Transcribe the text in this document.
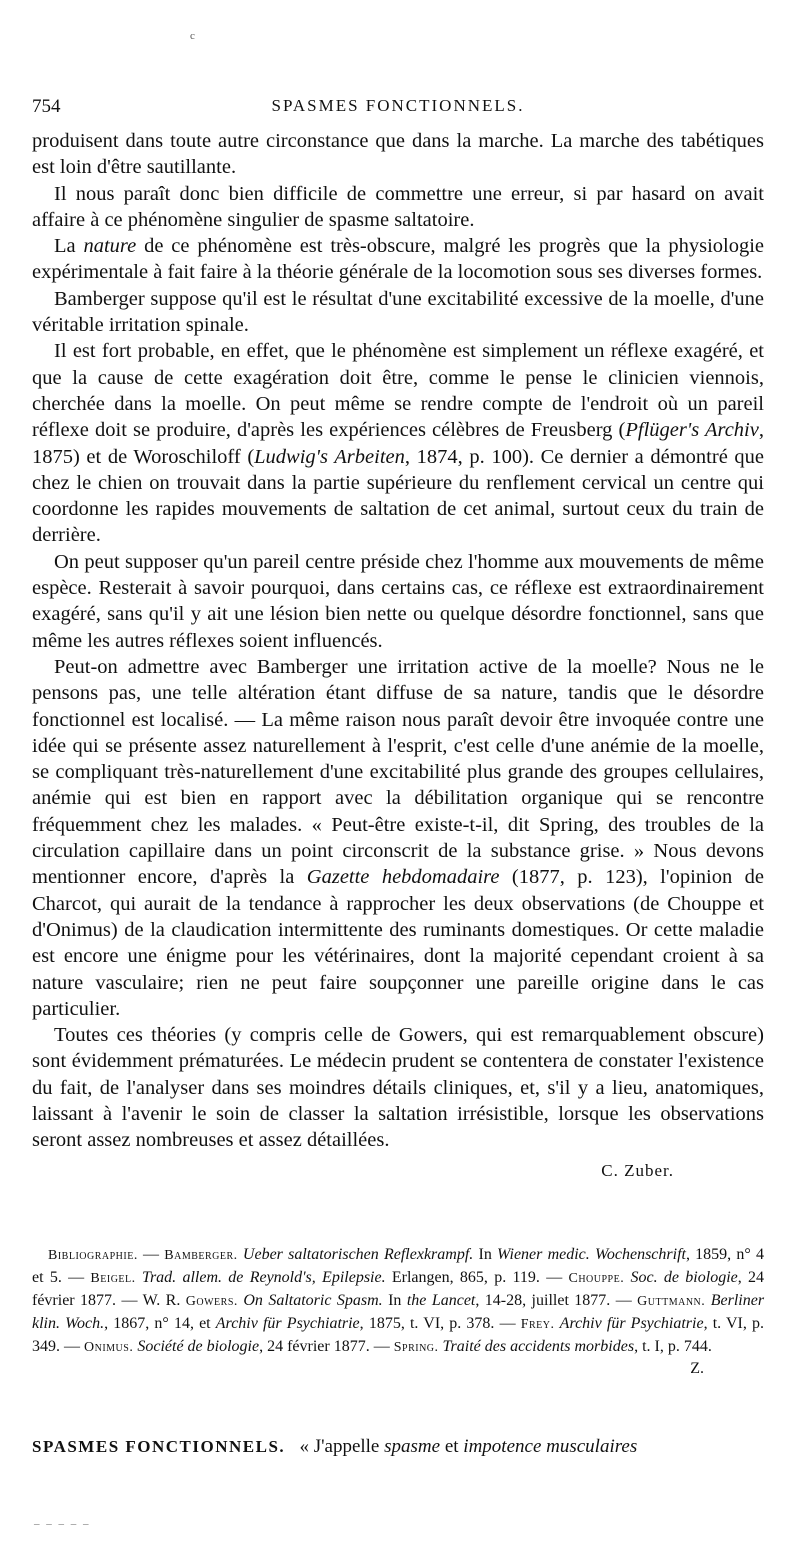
c
754	SPASMES FONCTIONNELS.

produisent dans toute autre circonstance que dans la marche. La marche des tabétiques est loin d'être sautillante.

Il nous paraît donc bien difficile de commettre une erreur, si par hasard on avait affaire à ce phénomène singulier de spasme saltatoire.

La nature de ce phénomène est très-obscure, malgré les progrès que la physiologie expérimentale à fait faire à la théorie générale de la locomotion sous ses diverses formes.

Bamberger suppose qu'il est le résultat d'une excitabilité excessive de la moelle, d'une véritable irritation spinale.

Il est fort probable, en effet, que le phénomène est simplement un réflexe exagéré, et que la cause de cette exagération doit être, comme le pense le clinicien viennois, cherchée dans la moelle. On peut même se rendre compte de l'endroit où un pareil réflexe doit se produire, d'après les expériences célèbres de Freusberg (Pflüger's Archiv, 1875) et de Woroschiloff (Ludwig's Arbeiten, 1874, p. 100). Ce dernier a démontré que chez le chien on trouvait dans la partie supérieure du renflement cervical un centre qui coordonne les rapides mouvements de saltation de cet animal, surtout ceux du train de derrière.

On peut supposer qu'un pareil centre préside chez l'homme aux mouvements de même espèce. Resterait à savoir pourquoi, dans certains cas, ce réflexe est extraordinairement exagéré, sans qu'il y ait une lésion bien nette ou quelque désordre fonctionnel, sans que même les autres réflexes soient influencés.

Peut-on admettre avec Bamberger une irritation active de la moelle? Nous ne le pensons pas, une telle altération étant diffuse de sa nature, tandis que le désordre fonctionnel est localisé. — La même raison nous paraît devoir être invoquée contre une idée qui se présente assez naturellement à l'esprit, c'est celle d'une anémie de la moelle, se compliquant très-naturellement d'une excitabilité plus grande des groupes cellulaires, anémie qui est bien en rapport avec la débilitation organique qui se rencontre fréquemment chez les malades. « Peut-être existe-t-il, dit Spring, des troubles de la circulation capillaire dans un point circonscrit de la substance grise. » Nous devons mentionner encore, d'après la Gazette hebdomadaire (1877, p. 123), l'opinion de Charcot, qui aurait de la tendance à rapprocher les deux observations (de Chouppe et d'Onimus) de la claudication intermittente des ruminants domestiques. Or cette maladie est encore une énigme pour les vétérinaires, dont la majorité cependant croient à sa nature vasculaire; rien ne peut faire soupçonner une pareille origine dans le cas particulier.

Toutes ces théories (y compris celle de Gowers, qui est remarquablement obscure) sont évidemment prématurées. Le médecin prudent se contentera de constater l'existence du fait, de l'analyser dans ses moindres détails cliniques, et, s'il y a lieu, anatomiques, laissant à l'avenir le soin de classer la saltation irrésistible, lorsque les observations seront assez nombreuses et assez détaillées.

C. Zuber.
Bibliographie. — Bamberger. Ueber saltatorischen Reflexkrampf. In Wiener medic. Wochenschrift, 1859, n° 4 et 5. — Beigel. Trad. allem. de Reynold's, Epilepsie. Erlangen, 865, p. 119. — Chouppe. Soc. de biologie, 24 février 1877. — W. R. Gowers. On Saltatoric Spasm. In the Lancet, 14-28, juillet 1877. — Guttmann. Berliner klin. Woch., 1867, n° 14, et Archiv für Psychiatrie, 1875, t. VI, p. 378. — Frey. Archiv für Psychiatrie, t. VI, p. 349. — Onimus. Société de biologie, 24 février 1877. — Spring. Traité des accidents morbides, t. I, p. 744.
Z.
SPASMES FONCTIONNELS. « J'appelle spasme et impotence musculaires
– – – – –
